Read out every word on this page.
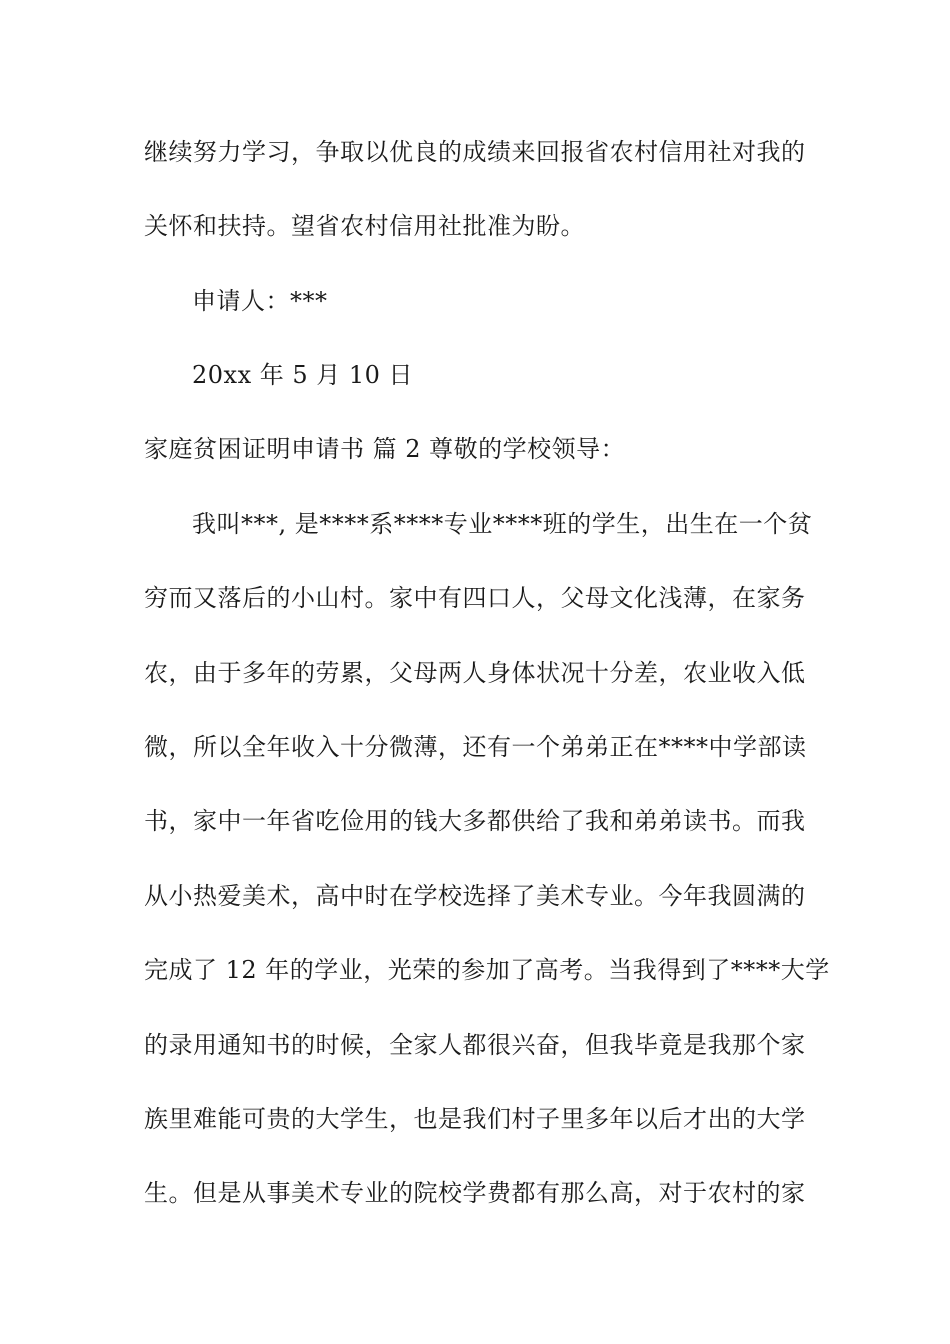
继续努力学习，争取以优良的成绩来回报省农村信用社对我的
关怀和扶持。望省农村信用社批准为盼。
申请人：***
20xx 年 5 月 10 日
家庭贫困证明申请书 篇 2 尊敬的学校领导：
我叫***, 是****系****专业****班的学生，出生在一个贫
穷而又落后的小山村。家中有四口人，父母文化浅薄，在家务
农，由于多年的劳累，父母两人身体状况十分差，农业收入低
微，所以全年收入十分微薄，还有一个弟弟正在****中学部读
书，家中一年省吃俭用的钱大多都供给了我和弟弟读书。而我
从小热爱美术，高中时在学校选择了美术专业。今年我圆满的
完成了 12 年的学业，光荣的参加了高考。当我得到了****大学
的录用通知书的时候，全家人都很兴奋，但我毕竟是我那个家
族里难能可贵的大学生，也是我们村子里多年以后才出的大学
生。但是从事美术专业的院校学费都有那么高，对于农村的家
